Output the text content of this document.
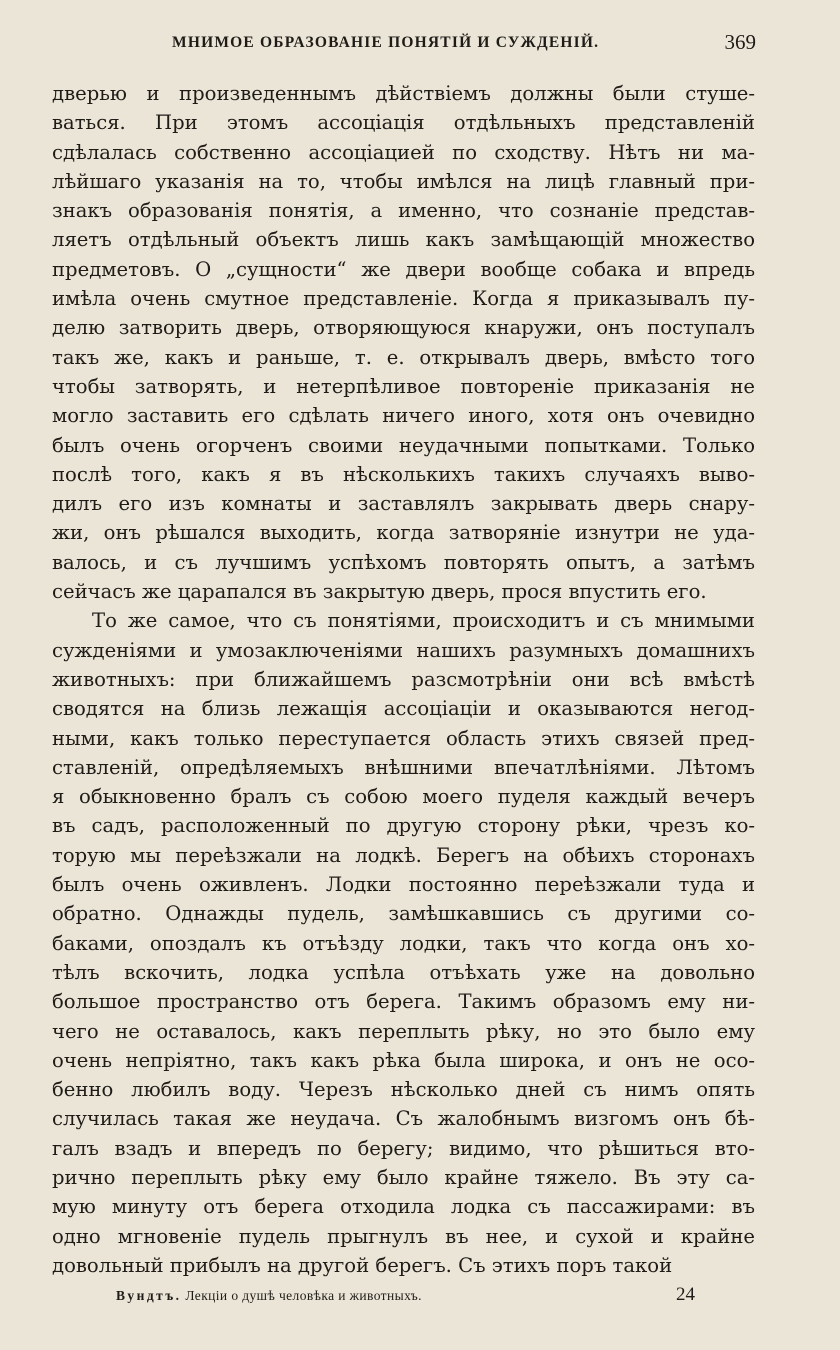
МНИМОЕ ОБРАЗОВАНІЕ ПОНЯТІЙ И СУЖДЕНІЙ.	369
дверью и произведеннымъ дѣйствіемъ должны были стушe-
ваться. При этомъ ассоціація отдѣльныхъ представленій
сдѣлалась собственно ассоціацией по сходству. Нѣтъ ни ма-
лѣйшаго указанія на то, чтобы имѣлся на лицѣ главный при-
знакъ образованія понятія, а именно, что сознаніе представ-
ляетъ отдѣльный объектъ лишь какъ замѣщающій множество
предметовъ. О „сущности“ же двери вообще собака и впредь
имѣла очень смутное представленіе. Когда я приказывалъ пу-
делю затворить дверь, отворяющуюся кнаружи, онъ поступалъ
такъ же, какъ и раньше, т. е. открывалъ дверь, вмѣсто того
чтобы затворять, и нетерпѣливое повтореніе приказанія не
могло заставить его сдѣлать ничего иного, хотя онъ очевидно
былъ очень огорченъ своими неудачными попытками. Только
послѣ того, какъ я въ нѣсколькихъ такихъ случаяхъ выво-
дилъ его изъ комнаты и заставлялъ закрывать дверь снару-
жи, онъ рѣшался выходить, когда затворяніе изнутри не уда-
валось, и съ лучшимъ успѣхомъ повторять опытъ, а затѣмъ
сейчасъ же царапался въ закрытую дверь, прося впустить его.
То же самое, что съ понятіями, происходитъ и съ мнимыми
сужденіями и умозаключеніями нашихъ разумныхъ домашнихъ
животныхъ: при ближайшемъ разсмотрѣніи они всѣ вмѣстѣ
сводятся на близь лежащія ассоціаціи и оказываются негод-
ными, какъ только переступается область этихъ связей пред-
ставленій, опредѣляемыхъ внѣшними впечатлѣніями. Лѣтомъ
я обыкновенно бралъ съ собою моего пуделя каждый вечеръ
въ садъ, расположенный по другую сторону рѣки, чрезъ ко-
торую мы переѣзжали на лодкѣ. Берегъ на обѣихъ сторонахъ
былъ очень оживленъ. Лодки постоянно переѣзжали туда и
обратно. Однажды пудель, замѣшкавшись съ другими со-
баками, опоздалъ къ отъѣзду лодки, такъ что когда онъ хо-
тѣлъ вскочить, лодка успѣла отъѣхать уже на довольно
большое пространство отъ берега. Такимъ образомъ ему ни-
чего не оставалось, какъ переплыть рѣку, но это было ему
очень непріятно, такъ какъ рѣка была широка, и онъ не осо-
бенно любилъ воду. Черезъ нѣсколько дней съ нимъ опять
случилась такая же неудача. Съ жалобнымъ визгомъ онъ бѣ-
галъ взадъ и впередъ по берегу; видимо, что рѣшиться вто-
рично переплыть рѣку ему было крайне тяжело. Въ эту са-
мую минуту отъ берега отходила лодка съ пассажирами: въ
одно мгновеніе пудель прыгнулъ въ нее, и сухой и крайне
довольный прибылъ на другой берегъ. Съ этихъ поръ такой
Вундтъ. Лекціи о душѣ человѣка и животныхъ.	24
